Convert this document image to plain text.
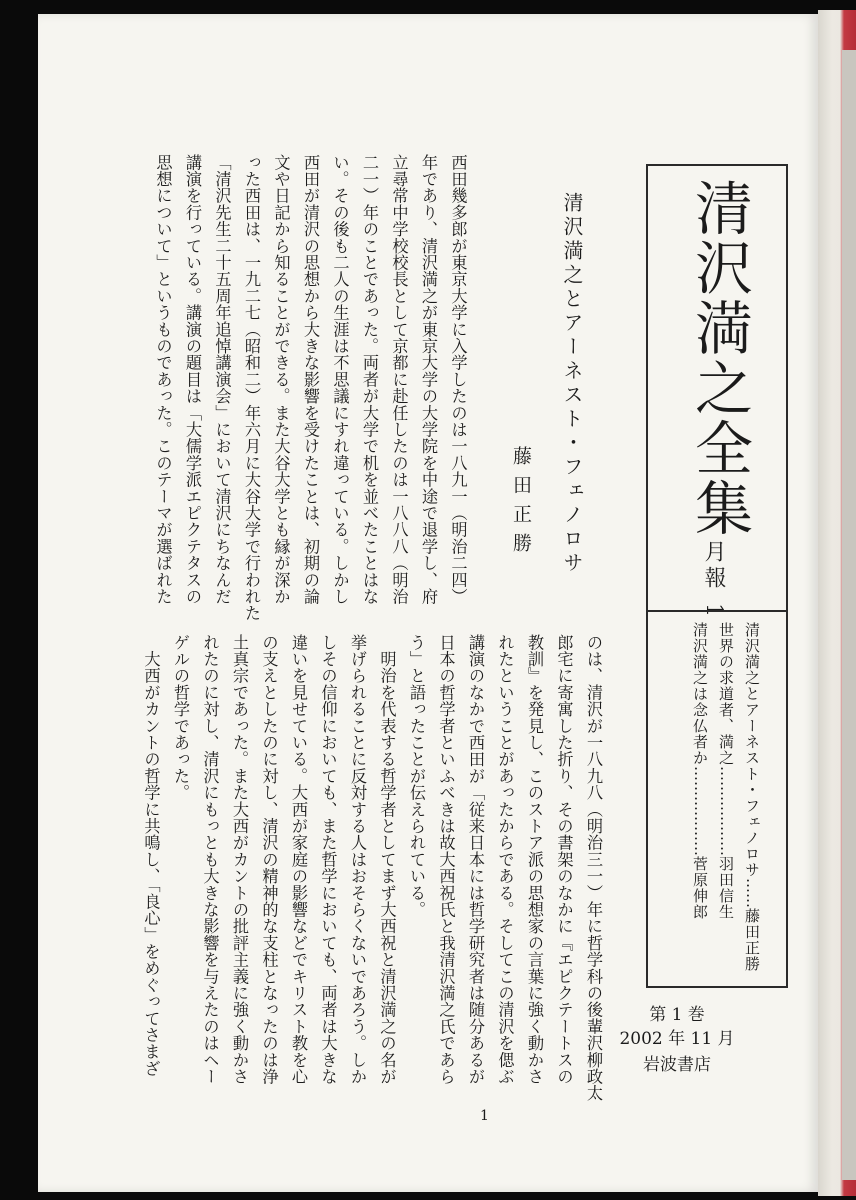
清沢満之とアーネスト・フェノロサ
藤田正勝
西田幾多郎が東京大学に入学したのは一八九一（明治二四）
年であり、清沢満之が東京大学の大学院を中途で退学し、府
立尋常中学校校長として京都に赴任したのは一八八八（明治
二一）年のことであった。両者が大学で机を並べたことはな
い。その後も二人の生涯は不思議にすれ違っている。しかし
西田が清沢の思想から大きな影響を受けたことは、初期の論
文や日記から知ることができる。また大谷大学とも縁が深か
った西田は、一九二七（昭和二）年六月に大谷大学で行われた
「清沢先生二十五周年追悼講演会」において清沢にちなんだ
講演を行っている。講演の題目は「大儒学派エピクテタスの
思想について」というものであった。このテーマが選ばれた
のは、清沢が一八九八（明治三一）年に哲学科の後輩沢柳政太
郎宅に寄寓した折り、その書架のなかに『エピクテートスの
教訓』を発見し、このストア派の思想家の言葉に強く動かさ
れたということがあったからである。そしてこの清沢を偲ぶ
講演のなかで西田が「従来日本には哲学研究者は随分あるが
日本の哲学者といふべきは故大西祝氏と我清沢満之氏であら
う」と語ったことが伝えられている。
　明治を代表する哲学者としてまず大西祝と清沢満之の名が
挙げられることに反対する人はおそらくないであろう。しか
しその信仰においても、また哲学においても、両者は大きな
違いを見せている。大西が家庭の影響などでキリスト教を心
の支えとしたのに対し、清沢の精神的な支柱となったのは浄
土真宗であった。また大西がカントの批評主義に強く動かさ
れたのに対し、清沢にもっとも大きな影響を与えたのはヘー
ゲルの哲学であった。
　大西がカントの哲学に共鳴し、「良心」をめぐってさまざ
清沢満之全集
月報 1
清沢満之とアーネスト・フェノロサ……藤田正勝
世界の求道者、満之………………羽田信生
清沢満之は念仏者か………………菅原伸郎
第 1 巻
2002 年 11 月
岩波書店
1
